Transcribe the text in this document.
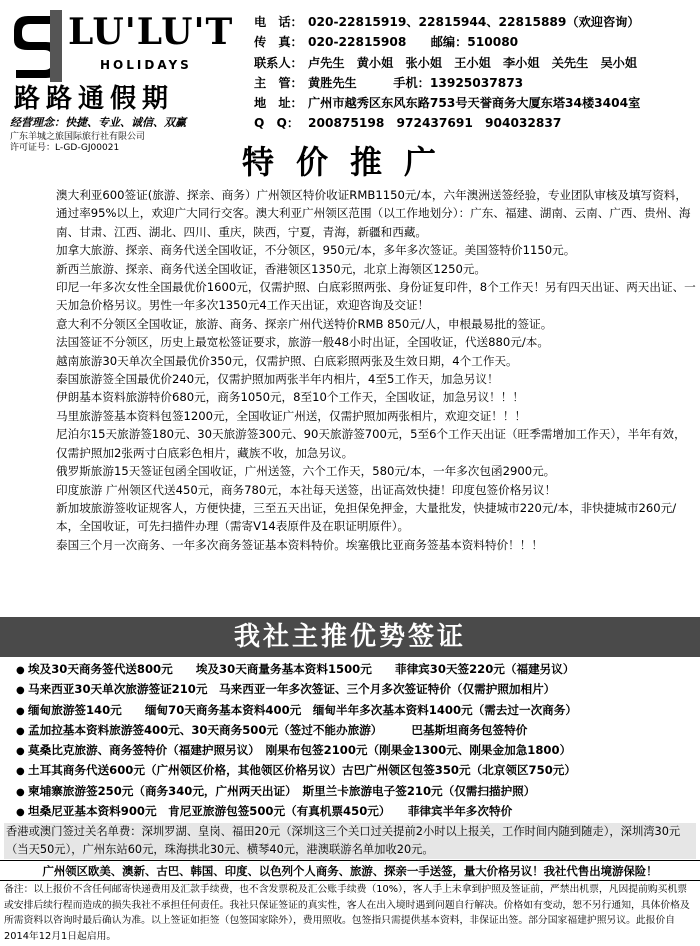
LU'LU'T
HOLIDAYS
路路通假期
经营理念：快捷、专业、诚信、双赢
广东羊城之旅国际旅行社有限公司
许可证号：L-GD-GJ00021
电　话： 020-22815919、22815944、22815889（欢迎咨询）
传　真： 020-22815908　　邮编：510080
联系人： 卢先生　黄小姐　张小姐　王小姐　李小姐　关先生　吴小姐
主　管： 黄胜先生　　　手机：13925037873
地　址： 广州市越秀区东风东路753号天誉商务大厦东塔34楼3404室
Q　Q： 200875198　972437691　904032837
特价推广

澳大利亚600签证(旅游、探亲、商务）广州领区特价收证RMB1150元/本，六年澳洲送签经验，专业团队审核及填写资料，通过率95%以上，欢迎广大同行交客。澳大利亚广州领区范围（以工作地划分）：广东、福建、湖南、云南、广西、贵州、海南、甘肃、江西、湖北、四川、重庆，陕西，宁夏，青海，新疆和西藏。

加拿大旅游、探亲、商务代送全国收证，不分领区，950元/本，多年多次签证。美国签特价1150元。

新西兰旅游、探亲、商务代送全国收证，香港领区1350元，北京上海领区1250元。

印尼一年多次女性全国最优价1600元，仅需护照、白底彩照两张、身份证复印件，8个工作天！另有四天出证、两天出证、一天加急价格另议。男性一年多次1350元4工作天出证，欢迎咨询及交证！

意大利不分领区全国收证，旅游、商务、探亲广州代送特价RMB 850元/人，申根最易批的签证。

法国签证不分领区，历史上最宽松签证要求，旅游一般48小时出证，全国收证，代送880元/本。

越南旅游30天单次全国最优价350元，仅需护照、白底彩照两张及生效日期，4个工作天。

泰国旅游签全国最优价240元，仅需护照加两张半年内相片，4至5工作天，加急另议！

伊朗基本资料旅游特价680元，商务1050元，8至10个工作天，全国收证，加急另议！！！

马里旅游签基本资料包签1200元，全国收证广州送，仅需护照加两张相片，欢迎交证！！！

尼泊尔15天旅游签180元、30天旅游签300元、90天旅游签700元，5至6个工作天出证（旺季需增加工作天），半年有效，仅需护照加2张两寸白底彩色相片，藏族不收，加急另议。

俄罗斯旅游15天签证包函全国收证，广州送签，六个工作天，580元/本，一年多次包函2900元。

印度旅游 广州领区代送450元，商务780元，本社每天送签，出证高效快捷！印度包签价格另议！

新加坡旅游签收证规客人，方便快捷，三至五天出证，免担保免押金，大量批发，快捷城市220元/本，非快捷城市260元/本，全国收证，可先扫描件办理（需寄V14表原件及在职证明原件）。

泰国三个月一次商务、一年多次商务签证基本资料特价。埃塞俄比亚商务签基本资料特价！！！

我社主推优势签证
● 埃及30天商务签代送800元　　埃及30天商量务基本资料1500元　　菲律宾30天签220元（福建另议）
● 马来西亚30天单次旅游签证210元　马来西亚一年多次签证、三个月多次签证特价（仅需护照加相片）
● 缅甸旅游签140元　　缅甸70天商务基本资料400元　缅甸半年多次基本资料1400元（需去过一次商务）
● 孟加拉基本资料旅游签400元、30天商务500元（签过不能办旅游）　　　巴基斯坦商务包签特价
● 莫桑比克旅游、商务签特价（福建护照另议）　刚果布包签2100元（刚果金1300元、刚果金加急1800）
● 土耳其商务代送600元（广州领区价格，其他领区价格另议）古巴广州领区包签350元（北京领区750元）
● 柬埔寨旅游签250元（商务340元，广州两天出证）　斯里兰卡旅游电子签210元（仅需扫描护照）
● 坦桑尼亚基本资料900元　肯尼亚旅游包签500元（有真机票450元）　　菲律宾半年多次特价
香港或澳门签过关名单费：深圳罗湖、皇岗、福田20元（深圳这三个关口过关提前2小时以上报关，工作时间内随到随走），深圳湾30元（当天50元），广州东站60元，珠海拱北30元、横琴40元，港澳联游名单加收20元。
广州领区欧美、澳新、古巴、韩国、印度、以色列个人商务、旅游、探亲一手送签，量大价格另议！我社代售出境游保险！
备注：以上报价不含任何邮寄快递费用及汇款手续费，也不含发票税及汇公账手续费（10%），客人手上未拿到护照及签证前，严禁出机票，凡因提前购买机票或安排后续行程而造成的损失我社不承担任何责任。我社只保证签证的真实性，客人在出入境时遇到问题自行解决。价格如有变动，恕不另行通知，具体价格及所需资料以咨询时最后确认为准。以上签证如拒签（包签国家除外），费用照收。包签指只需提供基本资料，非保证出签。部分国家福建护照另议。此报价自2014年12月1日起启用。
